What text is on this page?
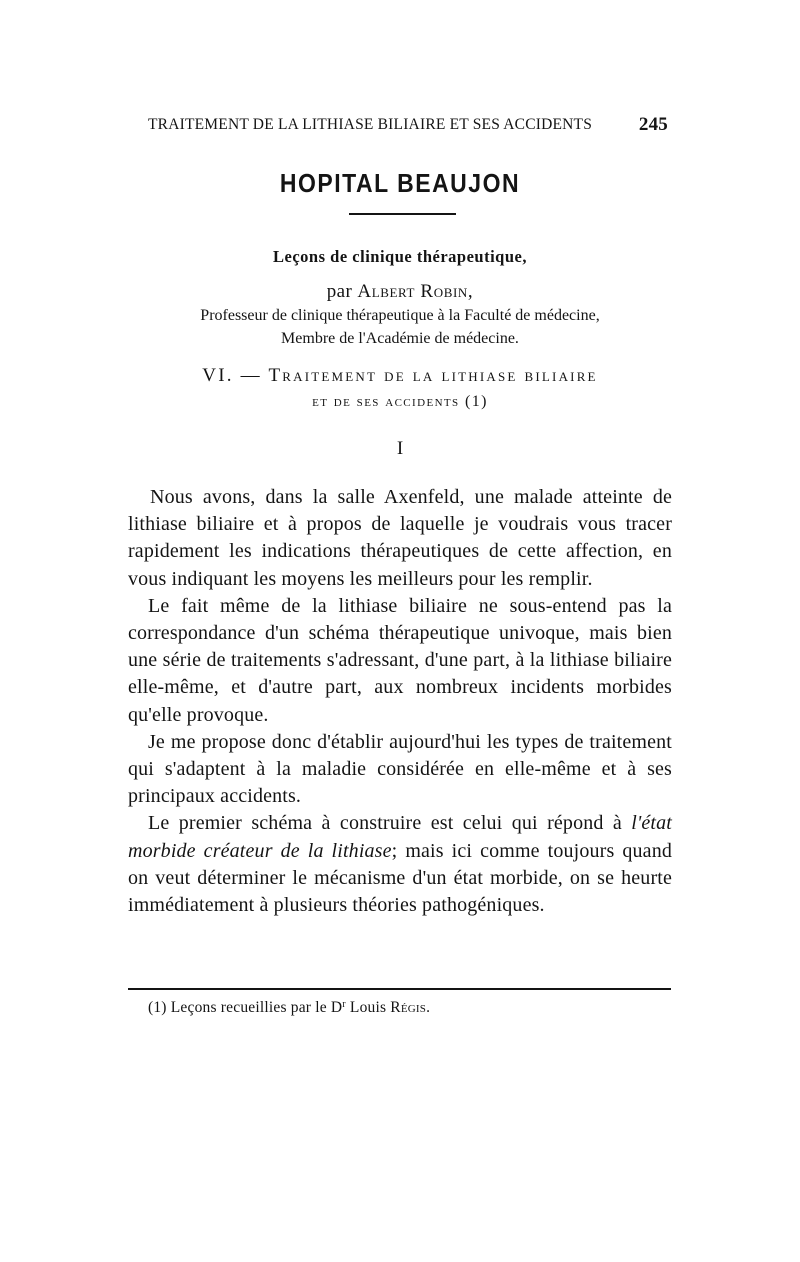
TRAITEMENT DE LA LITHIASE BILIAIRE ET SES ACCIDENTS 245
HOPITAL BEAUJON
Leçons de clinique thérapeutique,
par Albert Robin,
Professeur de clinique thérapeutique à la Faculté de médecine,
Membre de l'Académie de médecine.
VI. — Traitement de la lithiase biliaire
et de ses accidents (1)
I

Nous avons, dans la salle Axenfeld, une malade atteinte de lithiase biliaire et à propos de laquelle je voudrais vous tracer rapidement les indications thérapeutiques de cette affection, en vous indiquant les moyens les meilleurs pour les remplir.

Le fait même de la lithiase biliaire ne sous-entend pas la correspondance d'un schéma thérapeutique univoque, mais bien une série de traitements s'adressant, d'une part, à la lithiase biliaire elle-même, et d'autre part, aux nombreux incidents morbides qu'elle provoque.

Je me propose donc d'établir aujourd'hui les types de traitement qui s'adaptent à la maladie considérée en elle-même et à ses principaux accidents.

Le premier schéma à construire est celui qui répond à l'état morbide créateur de la lithiase; mais ici comme toujours quand on veut déterminer le mécanisme d'un état morbide, on se heurte immédiatement à plusieurs théories pathogéniques.

(1) Leçons recueillies par le $D^r$ Louis Régis.
